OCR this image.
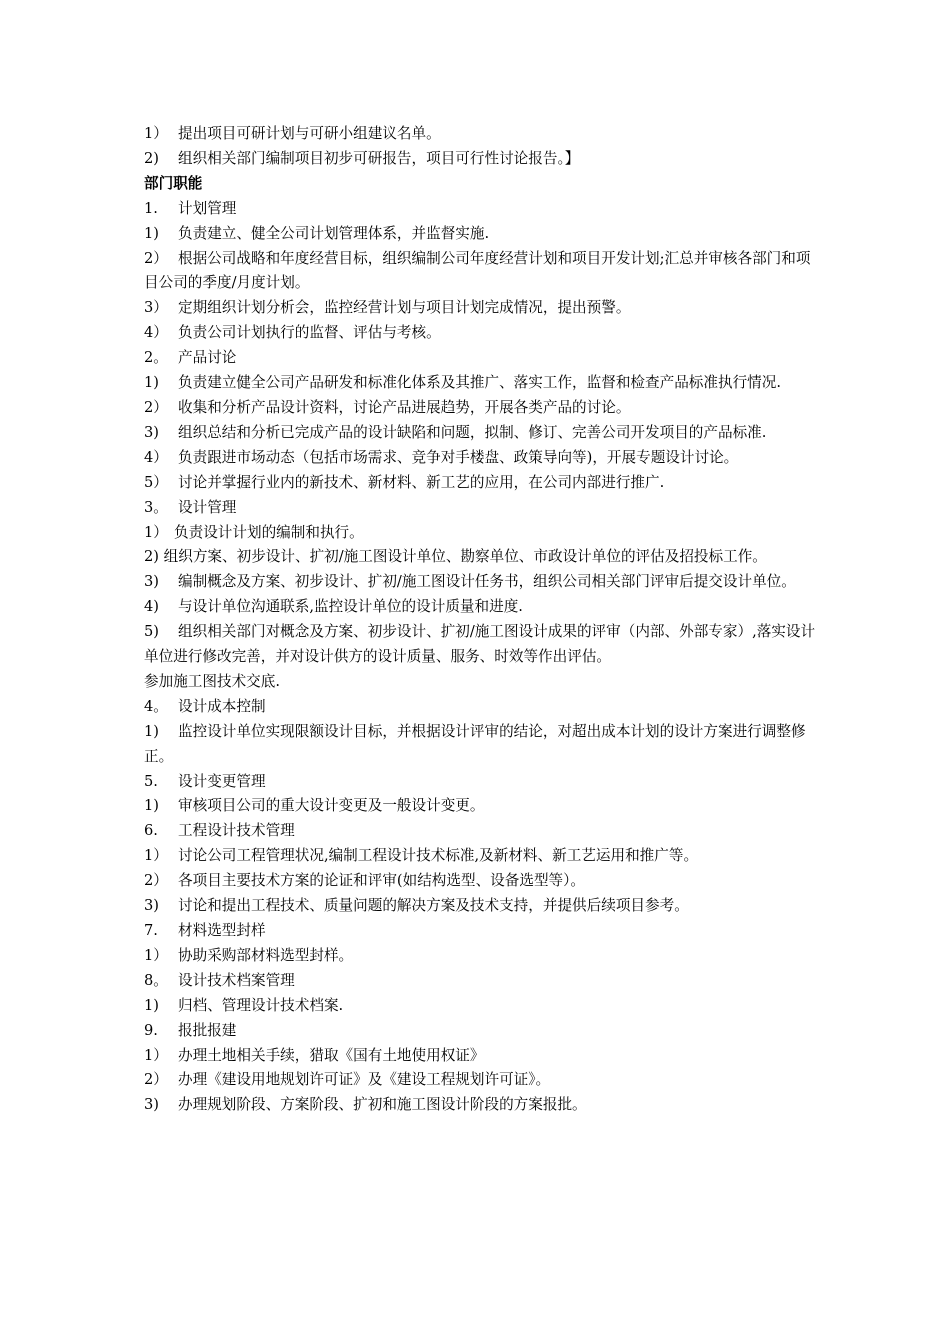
1） 提出项目可研计划与可研小组建议名单。

2) 组织相关部门编制项目初步可研报告，项目可行性讨论报告。】

部门职能

1. 计划管理

1) 负责建立、健全公司计划管理体系，并监督实施.

2） 根据公司战略和年度经营目标，组织编制公司年度经营计划和项目开发计划;汇总并审核各部门和项目公司的季度/月度计划。

3） 定期组织计划分析会，监控经营计划与项目计划完成情况，提出预警。

4） 负责公司计划执行的监督、评估与考核。

2。 产品讨论

1) 负责建立健全公司产品研发和标准化体系及其推广、落实工作，监督和检查产品标准执行情况.

2） 收集和分析产品设计资料，讨论产品进展趋势，开展各类产品的讨论。

3) 组织总结和分析已完成产品的设计缺陷和问题，拟制、修订、完善公司开发项目的产品标准.

4） 负责跟进市场动态（包括市场需求、竞争对手楼盘、政策导向等)，开展专题设计讨论。

5） 讨论并掌握行业内的新技术、新材料、新工艺的应用，在公司内部进行推广.

3。 设计管理

1） 负责设计计划的编制和执行。

2) 组织方案、初步设计、扩初/施工图设计单位、勘察单位、市政设计单位的评估及招投标工作。

3) 编制概念及方案、初步设计、扩初/施工图设计任务书，组织公司相关部门评审后提交设计单位。

4) 与设计单位沟通联系,监控设计单位的设计质量和进度.

5) 组织相关部门对概念及方案、初步设计、扩初/施工图设计成果的评审（内部、外部专家）,落实设计单位进行修改完善，并对设计供方的设计质量、服务、时效等作出评估。

参加施工图技术交底.

4。 设计成本控制

1) 监控设计单位实现限额设计目标，并根据设计评审的结论，对超出成本计划的设计方案进行调整修正。

5. 设计变更管理

1) 审核项目公司的重大设计变更及一般设计变更。

6. 工程设计技术管理

1） 讨论公司工程管理状况,编制工程设计技术标准,及新材料、新工艺运用和推广等。

2） 各项目主要技术方案的论证和评审(如结构选型、设备选型等）。

3) 讨论和提出工程技术、质量问题的解决方案及技术支持，并提供后续项目参考。

7. 材料选型封样

1） 协助采购部材料选型封样。

8。 设计技术档案管理

1) 归档、管理设计技术档案.

9. 报批报建

1） 办理土地相关手续，猎取《国有土地使用权证》

2） 办理《建设用地规划许可证》及《建设工程规划许可证》。

3) 办理规划阶段、方案阶段、扩初和施工图设计阶段的方案报批。
